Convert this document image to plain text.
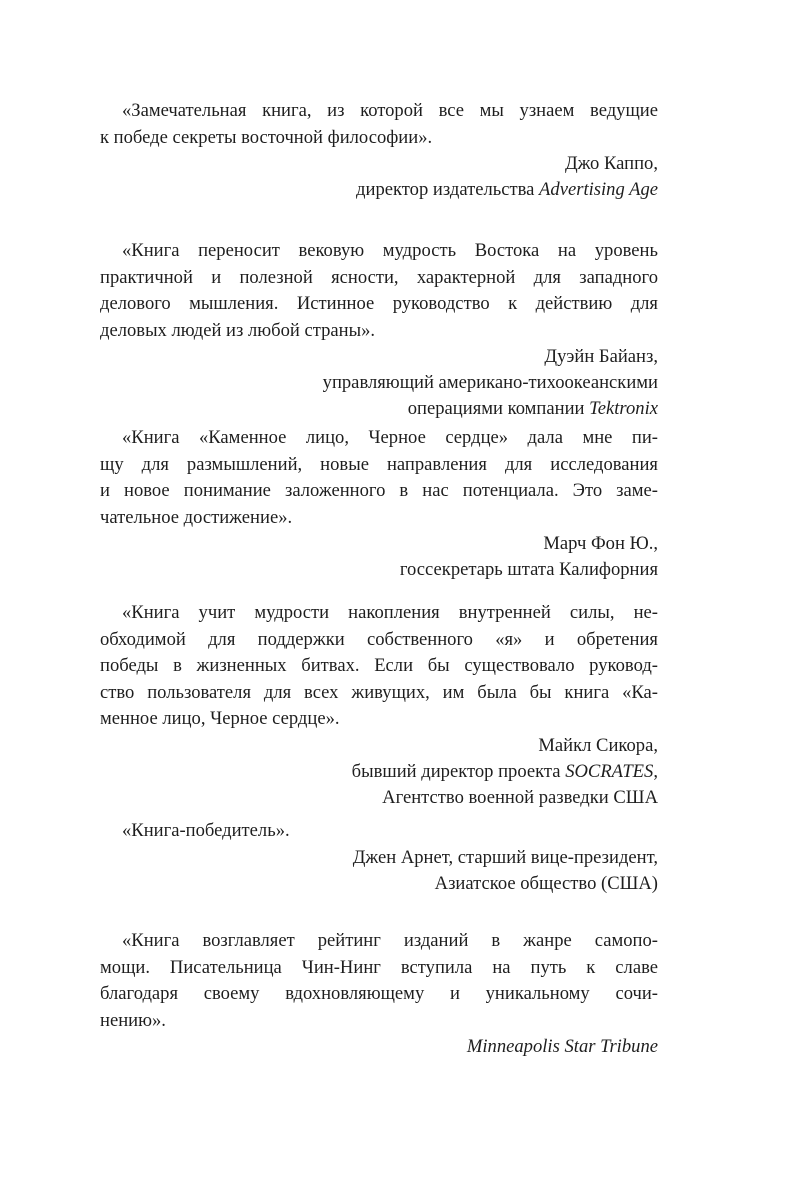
«Замечательная книга, из которой все мы узнаем ведущие
к победе секреты восточной философии».

Джо Каппо,

директор издательства Advertising Age

«Книга переносит вековую мудрость Востока на уровень
практичной и полезной ясности, характерной для западного
делового мышления. Истинное руководство к действию для
деловых людей из любой страны».

Дуэйн Байанз,

управляющий американо-тихоокеанскими

операциями компании Tektronix

«Книга «Каменное лицо, Черное сердце» дала мне пи-
щу для размышлений, новые направления для исследования
и новое понимание заложенного в нас потенциала. Это заме-
чательное достижение».

Марч Фон Ю.,

госсекретарь штата Калифорния

«Книга учит мудрости накопления внутренней силы, не-
обходимой для поддержки собственного «я» и обретения
победы в жизненных битвах. Если бы существовало руковод-
ство пользователя для всех живущих, им была бы книга «Ка-
менное лицо, Черное сердце».

Майкл Сикора,

бывший директор проекта SOCRATES,

Агентство военной разведки США

«Книга-победитель».

Джен Арнет, старший вице-президент,

Азиатское общество (США)

«Книга возглавляет рейтинг изданий в жанре самопо-
мощи. Писательница Чин-Нинг вступила на путь к славе
благодаря своему вдохновляющему и уникальному сочи-
нению».

Minneapolis Star Tribune
